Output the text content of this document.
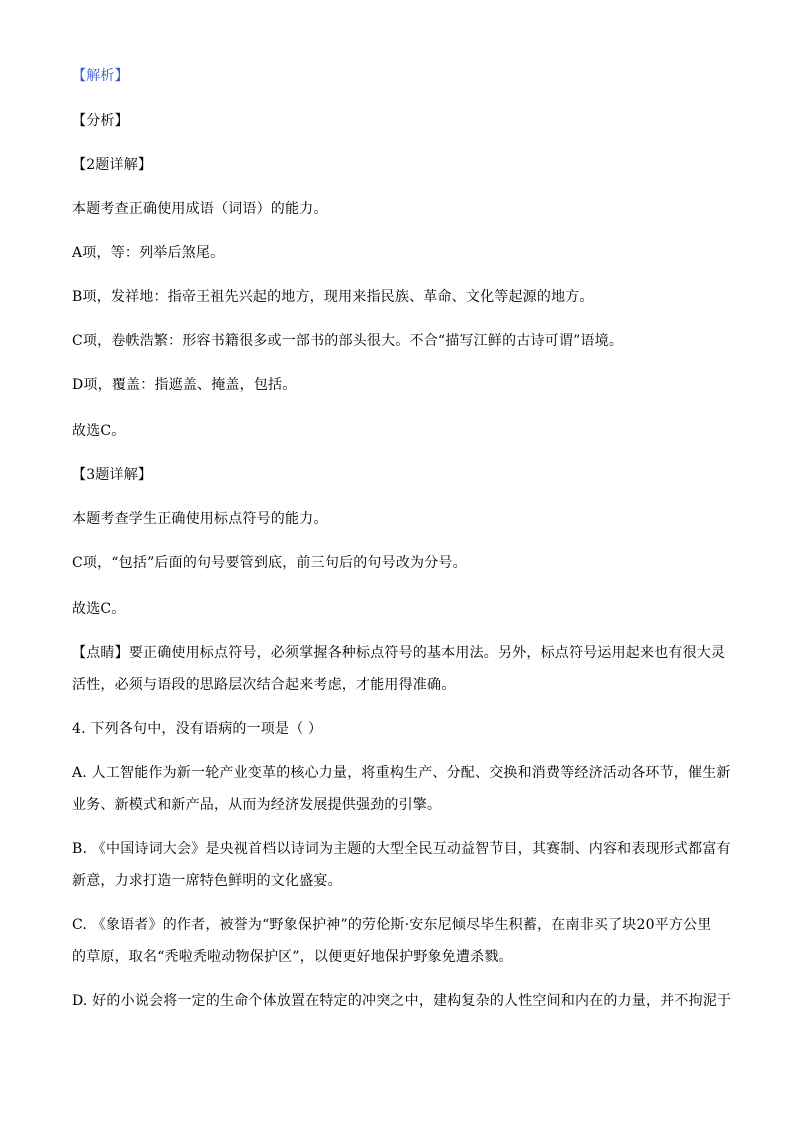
【解析】
【分析】
【2题详解】
本题考查正确使用成语（词语）的能力。
A项，等：列举后煞尾。
B项，发祥地：指帝王祖先兴起的地方，现用来指民族、革命、文化等起源的地方。
C项，卷帙浩繁：形容书籍很多或一部书的部头很大。不合“描写江鲜的古诗可谓”语境。
D项，覆盖：指遮盖、掩盖，包括。
故选C。
【3题详解】
本题考查学生正确使用标点符号的能力。
C项，“包括”后面的句号要管到底，前三句后的句号改为分号。
故选C。
【点睛】要正确使用标点符号，必须掌握各种标点符号的基本用法。另外，标点符号运用起来也有很大灵
活性，必须与语段的思路层次结合起来考虑，才能用得准确。
4. 下列各句中，没有语病的一项是（ ）
A. 人工智能作为新一轮产业变革的核心力量，将重构生产、分配、交换和消费等经济活动各环节，催生新
业务、新模式和新产品，从而为经济发展提供强劲的引擎。
B. 《中国诗词大会》是央视首档以诗词为主题的大型全民互动益智节目，其赛制、内容和表现形式都富有
新意，力求打造一席特色鲜明的文化盛宴。
C. 《象语者》的作者，被誉为“野象保护神”的劳伦斯·安东尼倾尽毕生积蓄，在南非买了块20平方公里
的草原，取名“秃啦秃啦动物保护区”，以便更好地保护野象免遭杀戮。
D. 好的小说会将一定的生命个体放置在特定的冲突之中，建构复杂的人性空间和内在的力量，并不拘泥于
